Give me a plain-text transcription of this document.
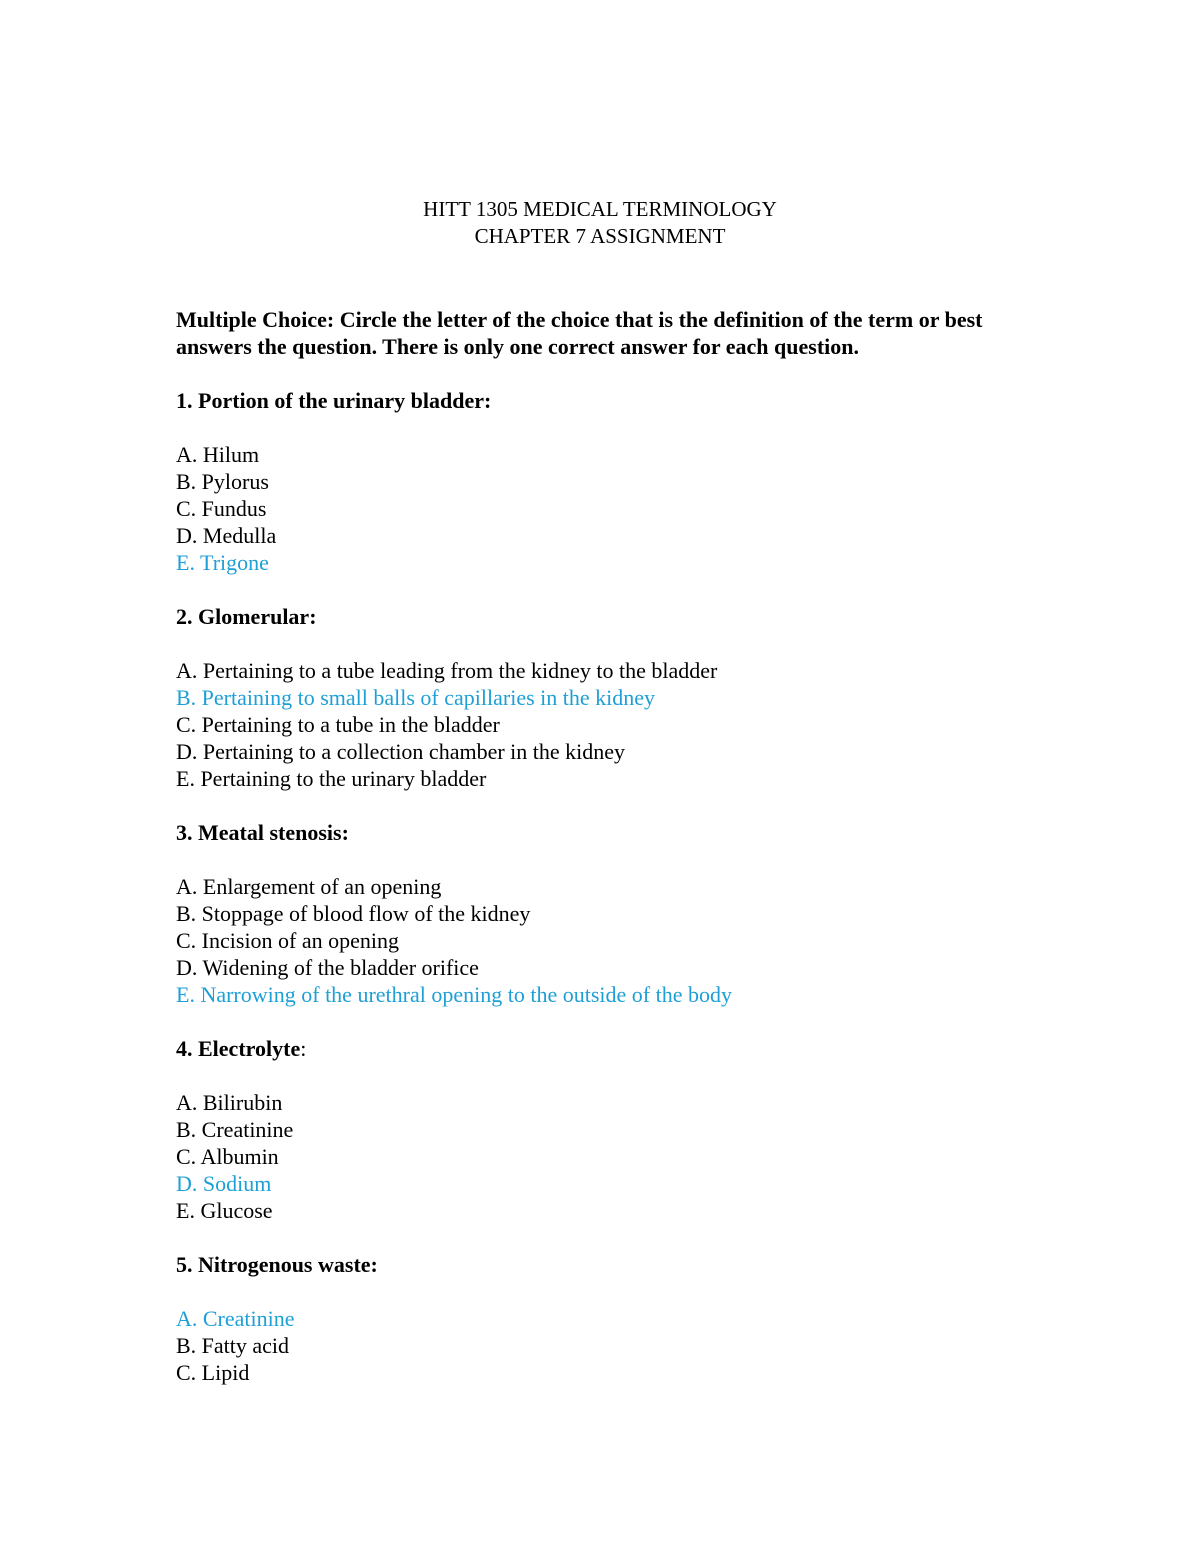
HITT 1305 MEDICAL TERMINOLOGY
CHAPTER 7 ASSIGNMENT

Multiple Choice: Circle the letter of the choice that is the definition of the term or best answers the question. There is only one correct answer for each question.

1. Portion of the urinary bladder:

A. Hilum
B. Pylorus
C. Fundus
D. Medulla
E. Trigone

2. Glomerular:

A. Pertaining to a tube leading from the kidney to the bladder
B. Pertaining to small balls of capillaries in the kidney
C. Pertaining to a tube in the bladder
D. Pertaining to a collection chamber in the kidney
E. Pertaining to the urinary bladder

3. Meatal stenosis:

A. Enlargement of an opening
B. Stoppage of blood flow of the kidney
C. Incision of an opening
D. Widening of the bladder orifice
E. Narrowing of the urethral opening to the outside of the body

4. Electrolyte:

A. Bilirubin
B. Creatinine
C. Albumin
D. Sodium
E. Glucose

5. Nitrogenous waste:

A. Creatinine
B. Fatty acid
C. Lipid
